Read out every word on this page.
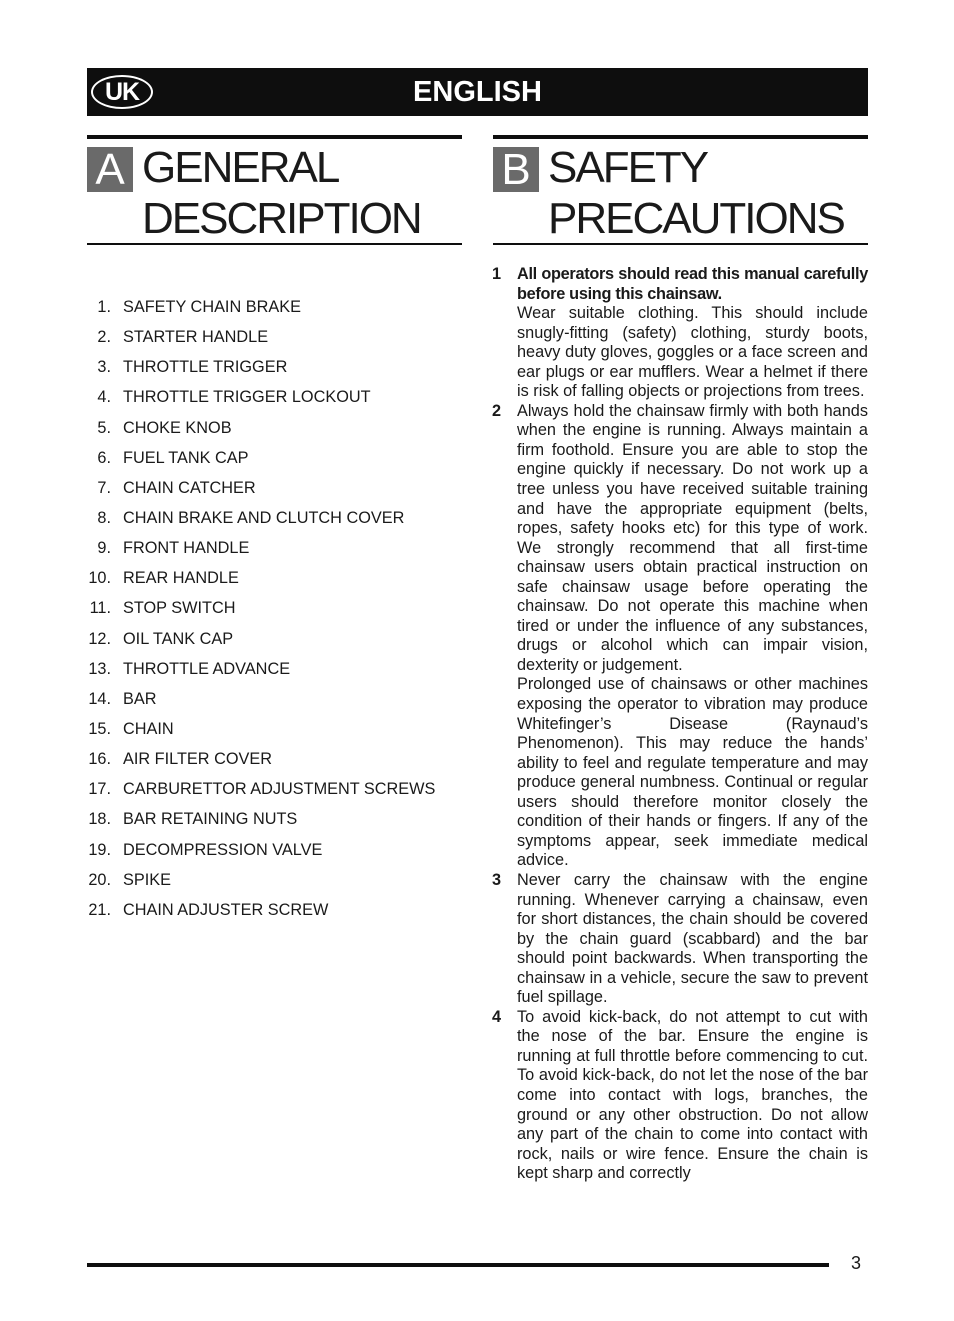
ENGLISH
UK
A GENERAL
DESCRIPTION
B SAFETY
PRECAUTIONS
1. SAFETY CHAIN BRAKE
2. STARTER HANDLE
3. THROTTLE TRIGGER
4. THROTTLE TRIGGER LOCKOUT
5. CHOKE KNOB
6. FUEL TANK CAP
7. CHAIN CATCHER
8. CHAIN BRAKE AND CLUTCH COVER
9. FRONT HANDLE
10. REAR HANDLE
11. STOP SWITCH
12. OIL TANK CAP
13. THROTTLE ADVANCE
14. BAR
15. CHAIN
16. AIR FILTER COVER
17. CARBURETTOR ADJUSTMENT SCREWS
18. BAR RETAINING NUTS
19. DECOMPRESSION VALVE
20. SPIKE
21. CHAIN ADJUSTER SCREW
1 All operators should read this manual carefully before using this chainsaw.
Wear suitable clothing. This should include snugly-fitting (safety) clothing, sturdy boots, heavy duty gloves, goggles or a face screen and ear plugs or ear mufflers. Wear a helmet if there is risk of falling objects or projections from trees.
2 Always hold the chainsaw firmly with both hands when the engine is running. Always maintain a firm foothold. Ensure you are able to stop the engine quickly if necessary. Do not work up a tree unless you have received suitable training and have the appropriate equipment (belts, ropes, safety hooks etc) for this type of work. We strongly recommend that all first-time chainsaw users obtain practical instruction on safe chainsaw usage before operating the chainsaw. Do not operate this machine when tired or under the influence of any substances, drugs or alcohol which can impair vision, dexterity or judgement.
Prolonged use of chainsaws or other machines exposing the operator to vibration may produce Whitefinger’s Disease (Raynaud’s Phenomenon). This may reduce the hands’ ability to feel and regulate temperature and may produce general numbness. Continual or regular users should therefore monitor closely the condition of their hands or fingers. If any of the symptoms appear, seek immediate medical advice.
3 Never carry the chainsaw with the engine running. Whenever carrying a chainsaw, even for short distances, the chain should be covered by the chain guard (scabbard) and the bar should point backwards. When transporting the chainsaw in a vehicle, secure the saw to prevent fuel spillage.
4 To avoid kick-back, do not attempt to cut with the nose of the bar. Ensure the engine is running at full throttle before commencing to cut. To avoid kick-back, do not let the nose of the bar come into contact with logs, branches, the ground or any other obstruction. Do not allow any part of the chain to come into contact with rock, nails or wire fence. Ensure the chain is kept sharp and correctly
3
